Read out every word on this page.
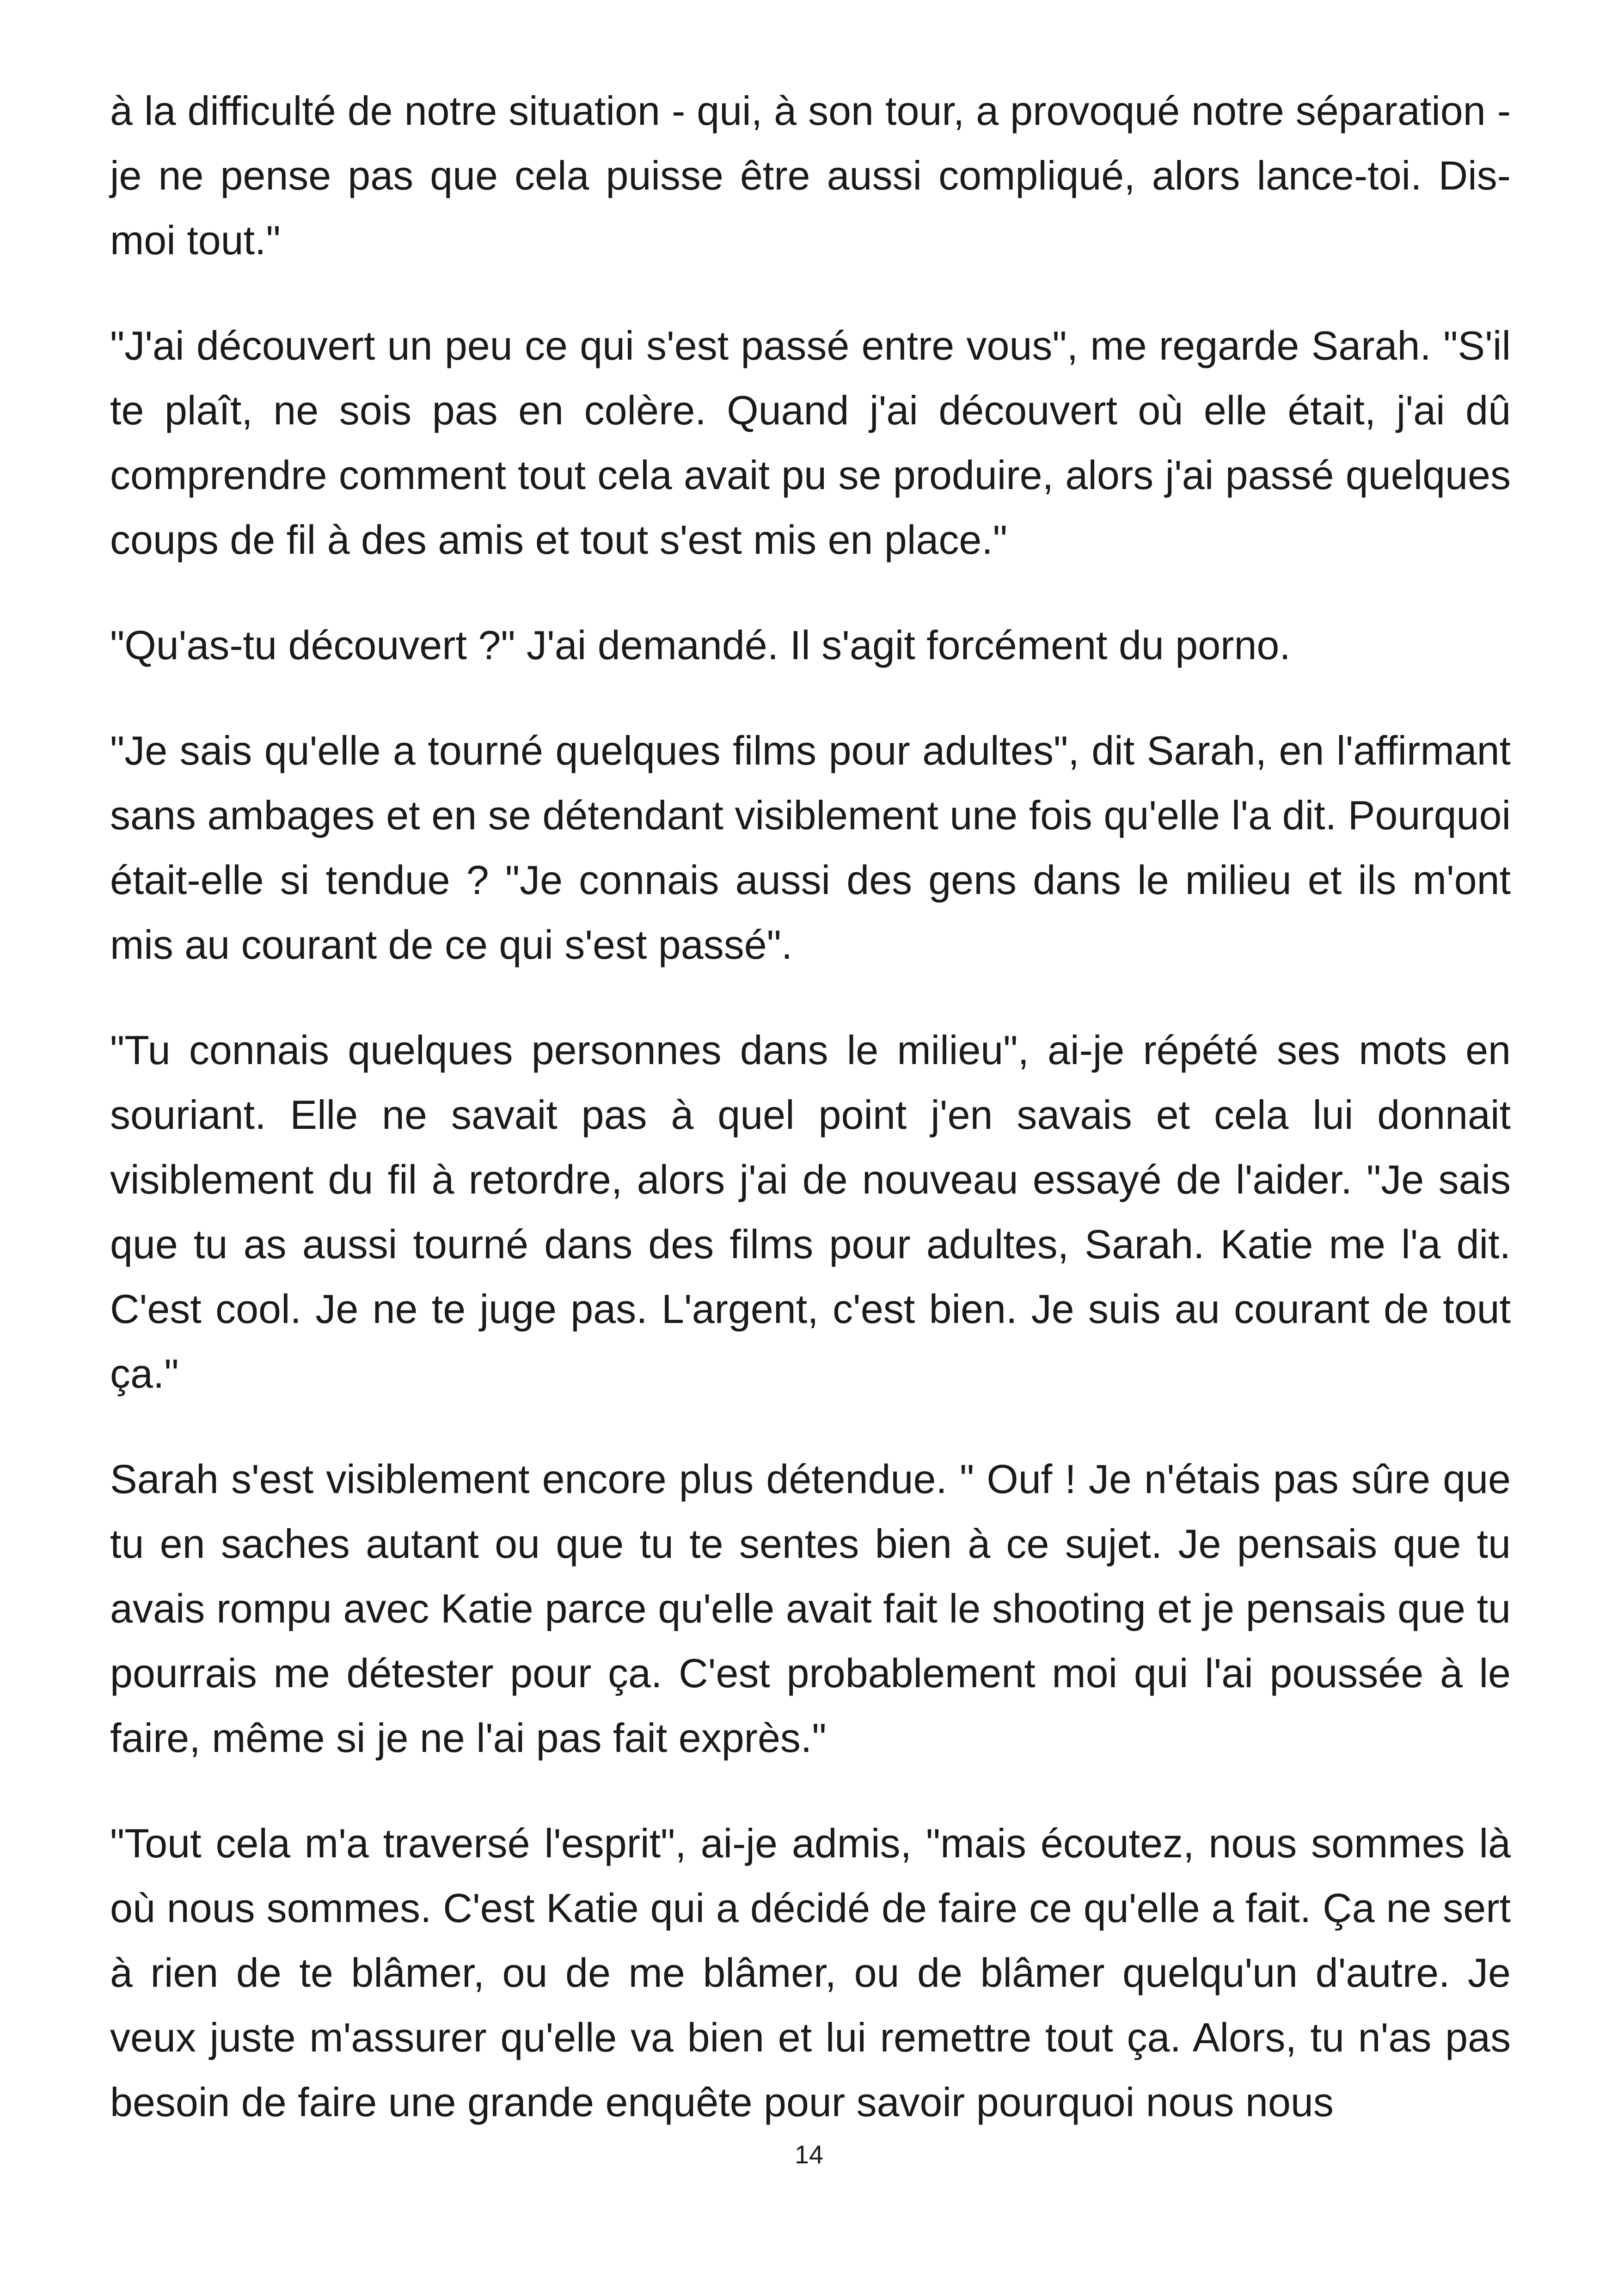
à la difficulté de notre situation - qui, à son tour, a provoqué notre séparation - je ne pense pas que cela puisse être aussi compliqué, alors lance-toi. Dis-moi tout."

"J'ai découvert un peu ce qui s'est passé entre vous", me regarde Sarah. "S'il te plaît, ne sois pas en colère. Quand j'ai découvert où elle était, j'ai dû comprendre comment tout cela avait pu se produire, alors j'ai passé quelques coups de fil à des amis et tout s'est mis en place."

"Qu'as-tu découvert ?" J'ai demandé. Il s'agit forcément du porno.

"Je sais qu'elle a tourné quelques films pour adultes", dit Sarah, en l'affirmant sans ambages et en se détendant visiblement une fois qu'elle l'a dit. Pourquoi était-elle si tendue ? "Je connais aussi des gens dans le milieu et ils m'ont mis au courant de ce qui s'est passé".

"Tu connais quelques personnes dans le milieu", ai-je répété ses mots en souriant. Elle ne savait pas à quel point j'en savais et cela lui donnait visiblement du fil à retordre, alors j'ai de nouveau essayé de l'aider. "Je sais que tu as aussi tourné dans des films pour adultes, Sarah. Katie me l'a dit. C'est cool. Je ne te juge pas. L'argent, c'est bien. Je suis au courant de tout ça."

Sarah s'est visiblement encore plus détendue. " Ouf ! Je n'étais pas sûre que tu en saches autant ou que tu te sentes bien à ce sujet. Je pensais que tu avais rompu avec Katie parce qu'elle avait fait le shooting et je pensais que tu pourrais me détester pour ça. C'est probablement moi qui l'ai poussée à le faire, même si je ne l'ai pas fait exprès."

"Tout cela m'a traversé l'esprit", ai-je admis, "mais écoutez, nous sommes là où nous sommes. C'est Katie qui a décidé de faire ce qu'elle a fait. Ça ne sert à rien de te blâmer, ou de me blâmer, ou de blâmer quelqu'un d'autre. Je veux juste m'assurer qu'elle va bien et lui remettre tout ça. Alors, tu n'as pas besoin de faire une grande enquête pour savoir pourquoi nous nous

14
